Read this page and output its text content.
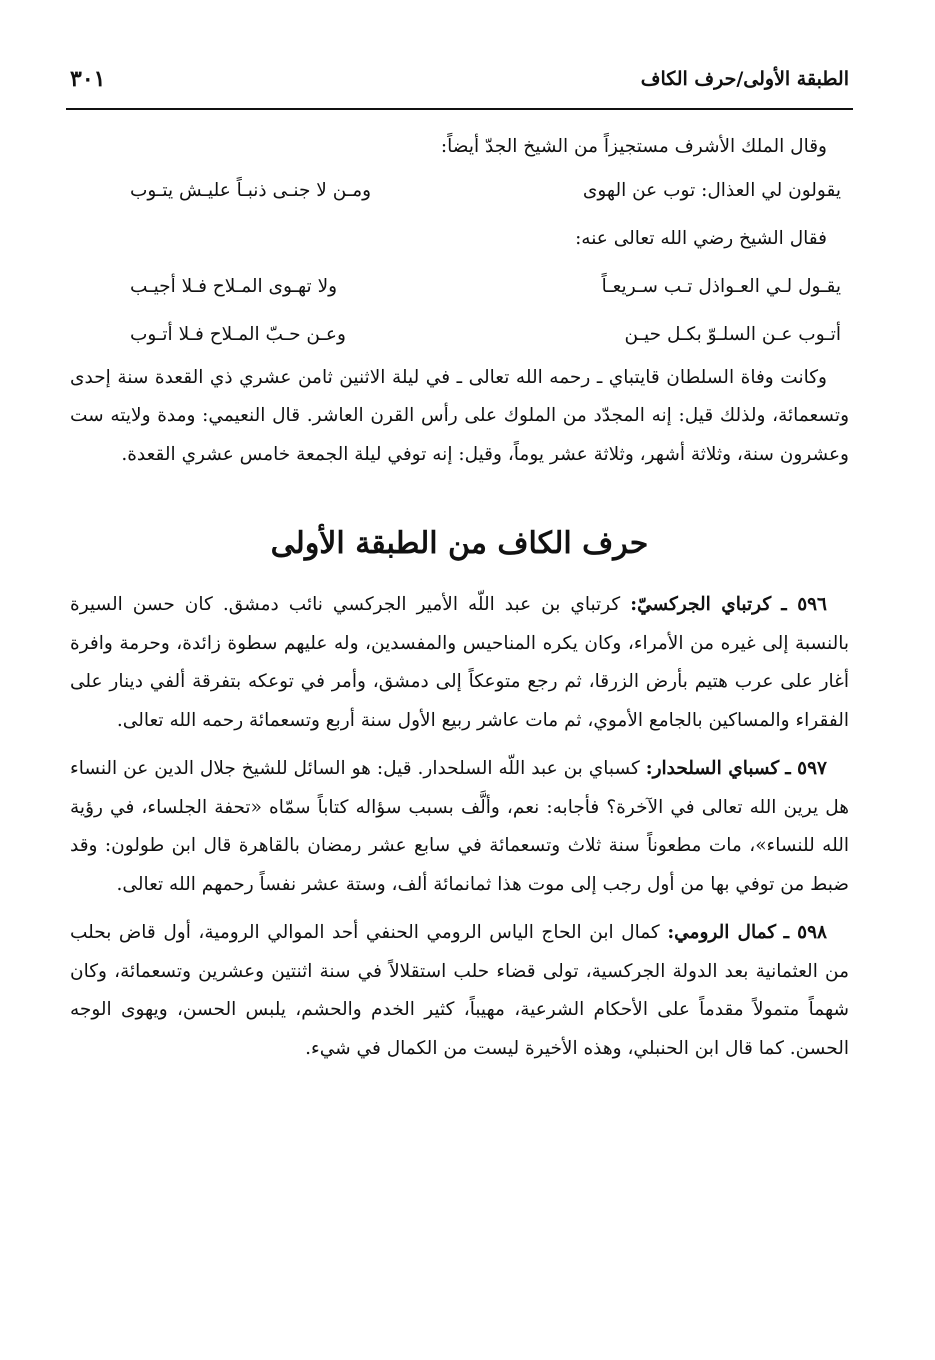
الطبقة الأولى/حرف الكاف
٣٠١

وقال الملك الأشرف مستجيزاً من الشيخ الجدّ أيضاً:

يقولون لي العذال: توب عن الهوى
ومـن لا جنـى ذنبـاً عليـش يتـوب

فقال الشيخ رضي الله تعالى عنه:

يقـول لـي العـواذل تـب سـريعـاً
ولا تهـوى المـلاح فـلا أجيـب
أتـوب عـن السلـوّ بكـل حيـن
وعـن حـبّ المـلاح فـلا أتـوب

وكانت وفاة السلطان قايتباي ـ رحمه الله تعالى ـ في ليلة الاثنين ثامن عشري ذي القعدة سنة إحدى وتسعمائة، ولذلك قيل: إنه المجدّد من الملوك على رأس القرن العاشر. قال النعيمي: ومدة ولايته ست وعشرون سنة، وثلاثة أشهر، وثلاثة عشر يوماً، وقيل: إنه توفي ليلة الجمعة خامس عشري القعدة.

حرف الكاف من الطبقة الأولى

٥٩٦ ـ كرتباي الجركسيّ: كرتباي بن عبد اللّه الأمير الجركسي نائب دمشق. كان حسن السيرة بالنسبة إلى غيره من الأمراء، وكان يكره المناحيس والمفسدين، وله عليهم سطوة زائدة، وحرمة وافرة أغار على عرب هتيم بأرض الزرقا، ثم رجع متوعكاً إلى دمشق، وأمر في توعكه بتفرقة ألفي دينار على الفقراء والمساكين بالجامع الأموي، ثم مات عاشر ربيع الأول سنة أربع وتسعمائة رحمه الله تعالى.

٥٩٧ ـ كسباي السلحدار: كسباي بن عبد اللّه السلحدار. قيل: هو السائل للشيخ جلال الدين عن النساء هل يرين الله تعالى في الآخرة؟ فأجابه: نعم، وألَّف بسبب سؤاله كتاباً سمّاه «تحفة الجلساء، في رؤية الله للنساء»، مات مطعوناً سنة ثلاث وتسعمائة في سابع عشر رمضان بالقاهرة قال ابن طولون: وقد ضبط من توفي بها من أول رجب إلى موت هذا ثمانمائة ألف، وستة عشر نفساً رحمهم الله تعالى.

٥٩٨ ـ كمال الرومي: كمال ابن الحاج الياس الرومي الحنفي أحد الموالي الرومية، أول قاض بحلب من العثمانية بعد الدولة الجركسية، تولى قضاء حلب استقلالاً في سنة اثنتين وعشرين وتسعمائة، وكان شهماً متمولاً مقدماً على الأحكام الشرعية، مهيباً، كثير الخدم والحشم، يلبس الحسن، ويهوى الوجه الحسن. كما قال ابن الحنبلي، وهذه الأخيرة ليست من الكمال في شيء.
